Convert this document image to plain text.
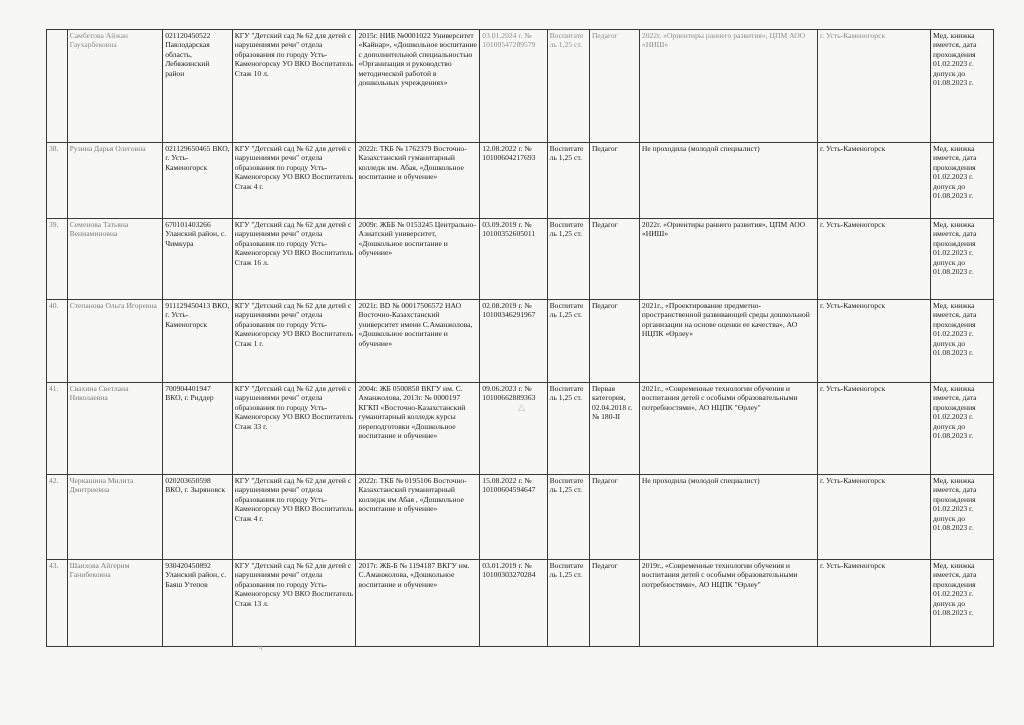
	Самбетова Айжан Гаухарбековна	021120450522 Павлодарская область, Лебяжинский район	КГУ "Детский сад № 62 для детей с нарушениями речи" отдела образования по городу Усть-Каменогорску УО ВКО Воспитатель Стаж 10 л.	2015г. НИБ №0001022 Университет «Кайнар», «Дошкольное воспитание с дополнительной специальностью «Организация и руководство методической работой в дошкольных учреждениях»	03.01.2024 г. № 10100547289579	Воспитатель 1,25 ст.	Педагог	2022г. «Ориентиры раннего развития», ЦПМ АОО «НИШ»	г. Усть-Каменогорск	Мед. книжка имеется, дата прохождения 01.02.2023 г. допуск до 01.08.2023 г.
38.	Рузина Дарья Олеговна	021129650465 ВКО, г. Усть-Каменогорск	КГУ "Детский сад № 62 для детей с нарушениями речи" отдела образования по городу Усть-Каменогорску УО ВКО Воспитатель Стаж 4 г.	2022г. ТКБ № 1762379 Восточно- Казахстанский гуманитарный колледж им. Абая, «Дошкольное воспитание и обучение»	12.08.2022 г. № 10100604217693	Воспитатель 1,25 ст.	Педагог	Не проходила (молодой специалист)	г. Усть-Каменогорск	Мед. книжка имеется, дата прохождения 01.02.2023 г. допуск до 01.08.2023 г.
39.	Семенова Татьяна Вениаминовна	670101403266 Уланский район, с. Чимкура	КГУ "Детский сад № 62 для детей с нарушениями речи" отдела образования по городу Усть-Каменогорску УО ВКО Воспитатель Стаж 16 л.	2009г. ЖББ № 0153245 Центрально-Азиатский университет, «Дошкольное воспитание и обучение»	03.09.2019 г. № 10100352605011	Воспитатель 1,25 ст.	Педагог	2022г. «Ориентиры раннего развития», ЦПМ АОО «НИШ»	г. Усть-Каменогорск	Мед. книжка имеется, дата прохождения 01.02.2023 г. допуск до 01.08.2023 г.
40.	Степанова Ольга Игоревна	911129450413 ВКО, г. Усть-Каменогорск	КГУ "Детский сад № 62 для детей с нарушениями речи" отдела образования по городу Усть-Каменогорску УО ВКО Воспитатель Стаж 1 г.	2021г. BD № 00017506572 НАО Восточно-Казахстанский университет имени С.Аманжолова, «Дошкольное воспитание и обучение»	02.08.2019 г. № 10100346291967	Воспитатель 1,25 ст.	Педагог	2021г., «Проектирование предметно-пространственной развивающей среды дошкольной организации на основе оценки ее качества», АО НЦПК «Өрлеу»	г. Усть-Каменогорск	Мед. книжка имеется, дата прохождения 01.02.2023 г. допуск до 01.08.2023 г.
41.	Свахина Светлана Николаевна	700904401947 ВКО, г. Риддер	КГУ "Детский сад № 62 для детей с нарушениями речи" отдела образования по городу Усть-Каменогорску УО ВКО Воспитатель Стаж 33 г.	2004г. ЖБ 0500858 ВКГУ им. С. Аманжолова, 2013г. № 0000197 КГКП «Восточно-Казахстанский гуманитарный колледж курсы переподготовки «Дошкольное воспитание и обучение»	09.06.2023 г. № 10100662889363	Воспитатель 1,25 ст.	Первая категория, 02.04.2018 г. № 180-II	2021г., «Современные технологии обучения и воспитания детей с особыми образовательными потребностями», АО НЦПК "Өрлеу"	г. Усть-Каменогорск	Мед. книжка имеется, дата прохождения 01.02.2023 г. допуск до 01.08.2023 г.
42.	Черкашина Милита Дмитриевна	020203650598 ВКО, г. Зыряновск	КГУ "Детский сад № 62 для детей с нарушениями речи" отдела образования по городу Усть-Каменогорску УО ВКО Воспитатель Стаж 4 г.	2022г. ТКБ № 0195106 Восточно- Казахстанский гуманитарный колледж им Абая , «Дошкольное воспитание и обучение»	15.08.2022 г. № 10100604594647	Воспитатель 1,25 ст.	Педагог	Не проходила (молодой специалист)	г. Усть-Каменогорск	Мед. книжка имеется, дата прохождения 01.02.2023 г. допуск до 01.08.2023 г.
43.	Шаихова Айгерим Ганибековна	930420450892 Уланский район, с. Баяш Утепов	КГУ "Детский сад № 62 для детей с нарушениями речи" отдела образования по городу Усть-Каменогорску УО ВКО Воспитатель Стаж 13 л.	2017г. ЖБ-Б № 1194187 ВКГУ им. С.Аманжолова, «Дошкольное воспитание и обучение»	03.01.2019 г. № 10100303270284	Воспитатель 1,25 ст.	Педагог	2019г., «Современные технологии обучения и воспитания детей с особыми образовательными потребностями», АО НЦПК "Өрлеу"	г. Усть-Каменогорск	Мед. книжка имеется, дата прохождения 01.02.2023 г. допуск до 01.08.2023 г.
△
ч
